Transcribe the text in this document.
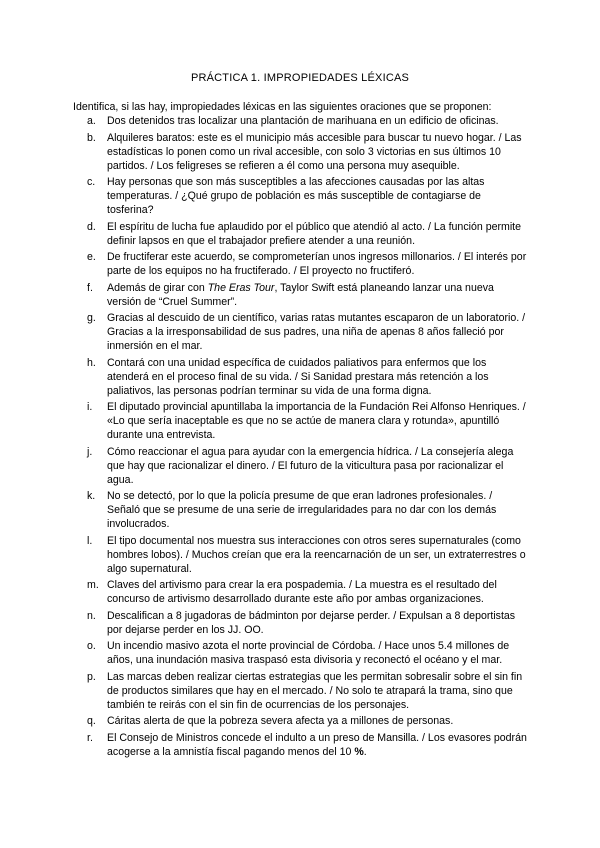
PRÁCTICA 1. IMPROPIEDADES LÉXICAS
Identifica, si las hay, impropiedades léxicas en las siguientes oraciones que se proponen:
a.	Dos detenidos tras localizar una plantación de marihuana en un edificio de oficinas.
b.	Alquileres baratos: este es el municipio más accesible para buscar tu nuevo hogar. / Las estadísticas lo ponen como un rival accesible, con solo 3 victorias en sus últimos 10 partidos. / Los feligreses se refieren a él como una persona muy asequible.
c.	Hay personas que son más susceptibles a las afecciones causadas por las altas temperaturas. / ¿Qué grupo de población es más susceptible de contagiarse de tosferina?
d.	El espíritu de lucha fue aplaudido por el público que atendió al acto. / La función permite definir lapsos en que el trabajador prefiere atender a una reunión.
e.	De fructiferar este acuerdo, se comprometerían unos ingresos millonarios. / El interés por parte de los equipos no ha fructiferado. / El proyecto no fructiferó.
f.	Además de girar con The Eras Tour, Taylor Swift está planeando lanzar una nueva versión de “Cruel Summer”.
g.	Gracias al descuido de un científico, varias ratas mutantes escaparon de un laboratorio. / Gracias a la irresponsabilidad de sus padres, una niña de apenas 8 años falleció por inmersión en el mar.
h.	Contará con una unidad específica de cuidados paliativos para enfermos que los atenderá en el proceso final de su vida. / Si Sanidad prestara más retención a los paliativos, las personas podrían terminar su vida de una forma digna.
i.	El diputado provincial apuntillaba la importancia de la Fundación Rei Alfonso Henriques. / «Lo que sería inaceptable es que no se actúe de manera clara y rotunda», apuntilló durante una entrevista.
j.	Cómo reaccionar el agua para ayudar con la emergencia hídrica. / La consejería alega que hay que racionalizar el dinero. / El futuro de la viticultura pasa por racionalizar el agua.
k.	No se detectó, por lo que la policía presume de que eran ladrones profesionales. / Señaló que se presume de una serie de irregularidades para no dar con los demás involucrados.
l.	El tipo documental nos muestra sus interacciones con otros seres supernaturales (como hombres lobos). / Muchos creían que era la reencarnación de un ser, un extraterrestres o algo supernatural.
m. Claves del artivismo para crear la era pospademia. / La muestra es el resultado del concurso de artivismo desarrollado durante este año por ambas organizaciones.
n.	Descalifican a 8 jugadoras de bádminton por dejarse perder. / Expulsan a 8 deportistas por dejarse perder en los JJ. OO.
o.	Un incendio masivo azota el norte provincial de Córdoba. / Hace unos 5.4 millones de años, una inundación masiva traspasó esta divisoria y reconectó el océano y el mar.
p.	Las marcas deben realizar ciertas estrategias que les permitan sobresalir sobre el sin fin de productos similares que hay en el mercado. / No solo te atrapará la trama, sino que también te reirás con el sin fin de ocurrencias de los personajes.
q.	Cáritas alerta de que la pobreza severa afecta ya a millones de personas.
r.	El Consejo de Ministros concede el indulto a un preso de Mansilla. / Los evasores podrán acogerse a la amnistía fiscal pagando menos del 10 %.
